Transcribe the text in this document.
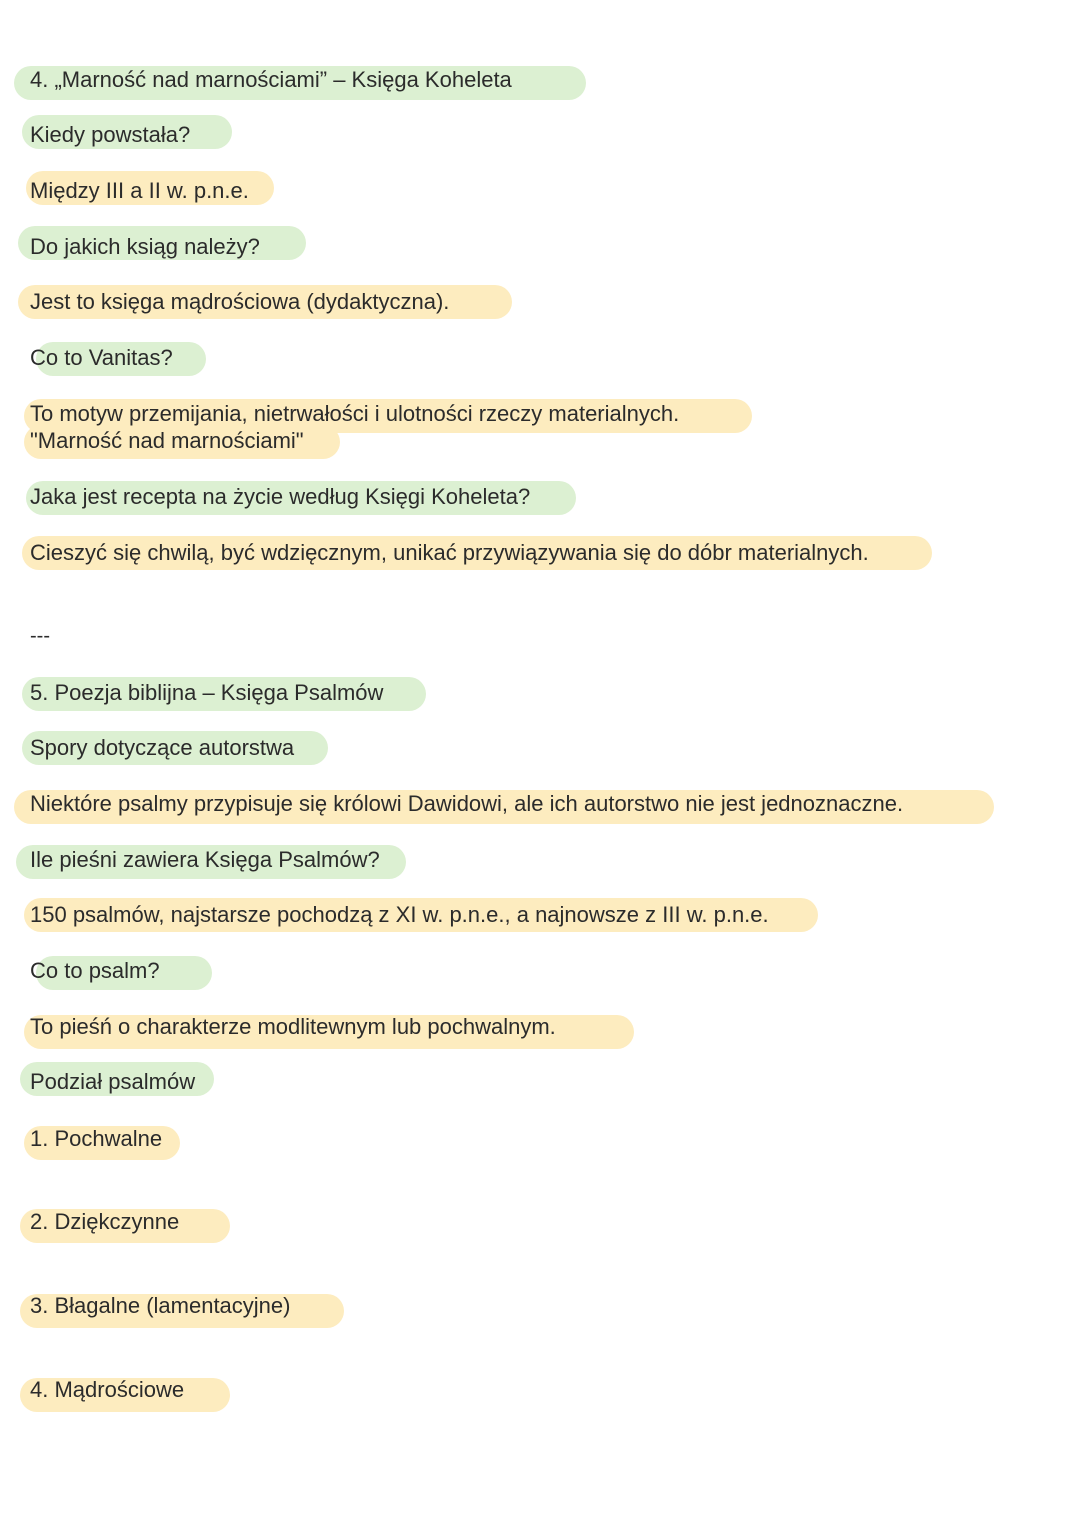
4. „Marność nad marnościami” – Księga Koheleta
Kiedy powstała?
Między III a II w. p.n.e.
Do jakich ksiąg należy?
Jest to księga mądrościowa (dydaktyczna).
Co to Vanitas?
To motyw przemijania, nietrwałości i ulotności rzeczy materialnych.
"Marność nad marnościami"
Jaka jest recepta na życie według Księgi Koheleta?
Cieszyć się chwilą, być wdzięcznym, unikać przywiązywania się do dóbr materialnych.
---
5. Poezja biblijna – Księga Psalmów
Spory dotyczące autorstwa
Niektóre psalmy przypisuje się królowi Dawidowi, ale ich autorstwo nie jest jednoznaczne.
Ile pieśni zawiera Księga Psalmów?
150 psalmów, najstarsze pochodzą z XI w. p.n.e., a najnowsze z III w. p.n.e.
Co to psalm?
To pieśń o charakterze modlitewnym lub pochwalnym.
Podział psalmów
1. Pochwalne
2. Dziękczynne
3. Błagalne (lamentacyjne)
4. Mądrościowe
